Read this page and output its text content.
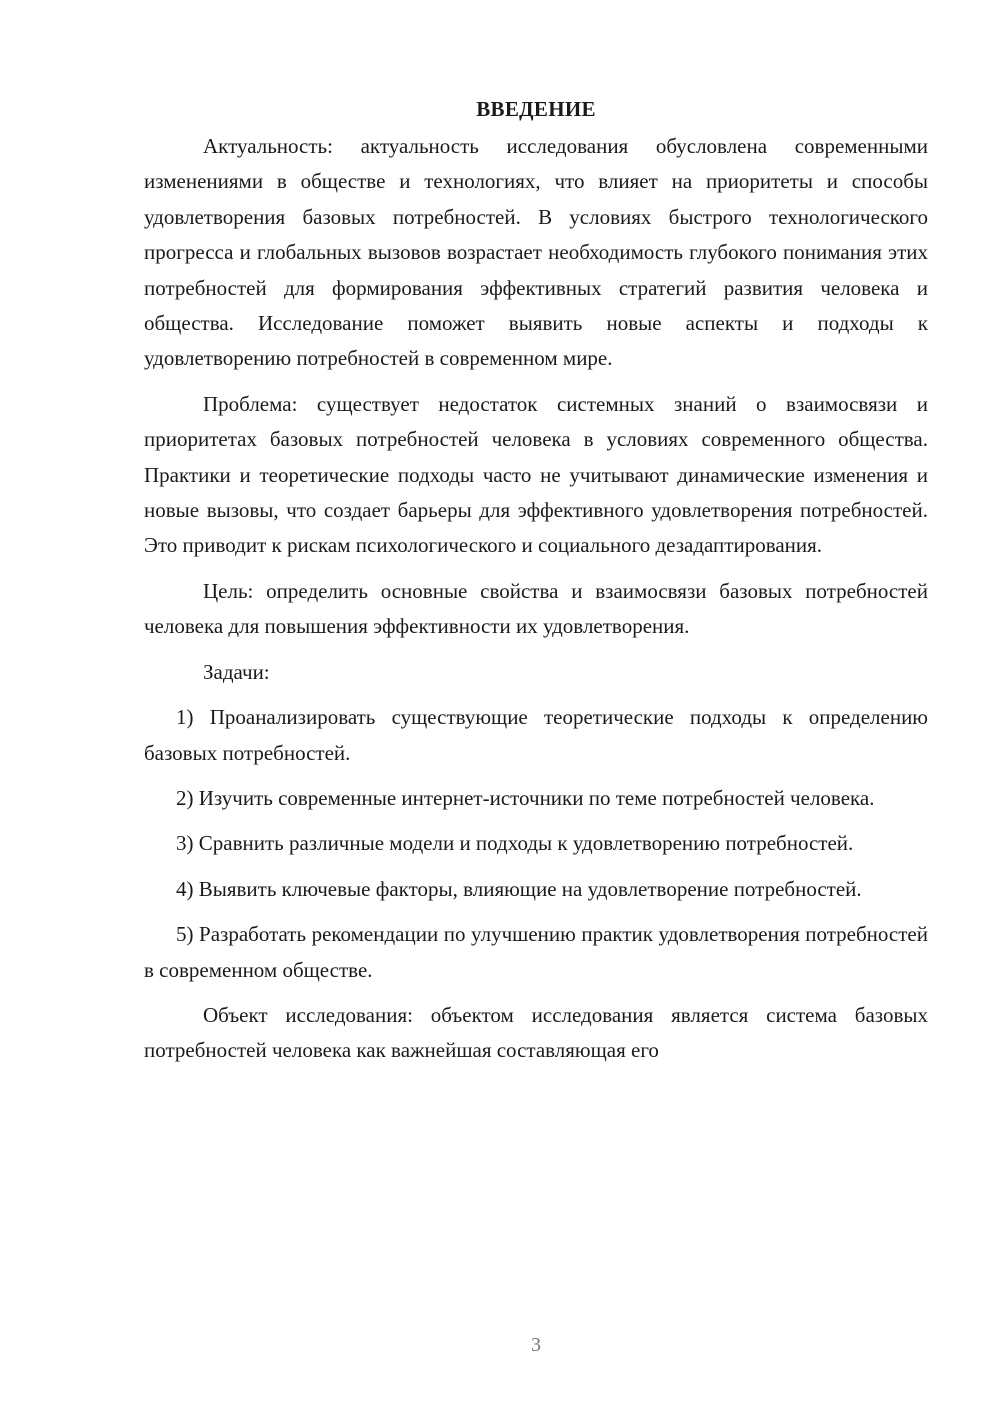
ВВЕДЕНИЕ

Актуальность: актуальность исследования обусловлена современными изменениями в обществе и технологиях, что влияет на приоритеты и способы удовлетворения базовых потребностей. В условиях быстрого технологического прогресса и глобальных вызовов возрастает необходимость глубокого понимания этих потребностей для формирования эффективных стратегий развития человека и общества. Исследование поможет выявить новые аспекты и подходы к удовлетворению потребностей в современном мире.

Проблема: существует недостаток системных знаний о взаимосвязи и приоритетах базовых потребностей человека в условиях современного общества. Практики и теоретические подходы часто не учитывают динамические изменения и новые вызовы, что создает барьеры для эффективного удовлетворения потребностей. Это приводит к рискам психологического и социального дезадаптирования.

Цель: определить основные свойства и взаимосвязи базовых потребностей человека для повышения эффективности их удовлетворения.

Задачи:

1) Проанализировать существующие теоретические подходы к определению базовых потребностей.

2) Изучить современные интернет-источники по теме потребностей человека.

3) Сравнить различные модели и подходы к удовлетворению потребностей.

4) Выявить ключевые факторы, влияющие на удовлетворение потребностей.

5) Разработать рекомендации по улучшению практик удовлетворения потребностей в современном обществе.

Объект исследования: объектом исследования является система базовых потребностей человека как важнейшая составляющая его

3
